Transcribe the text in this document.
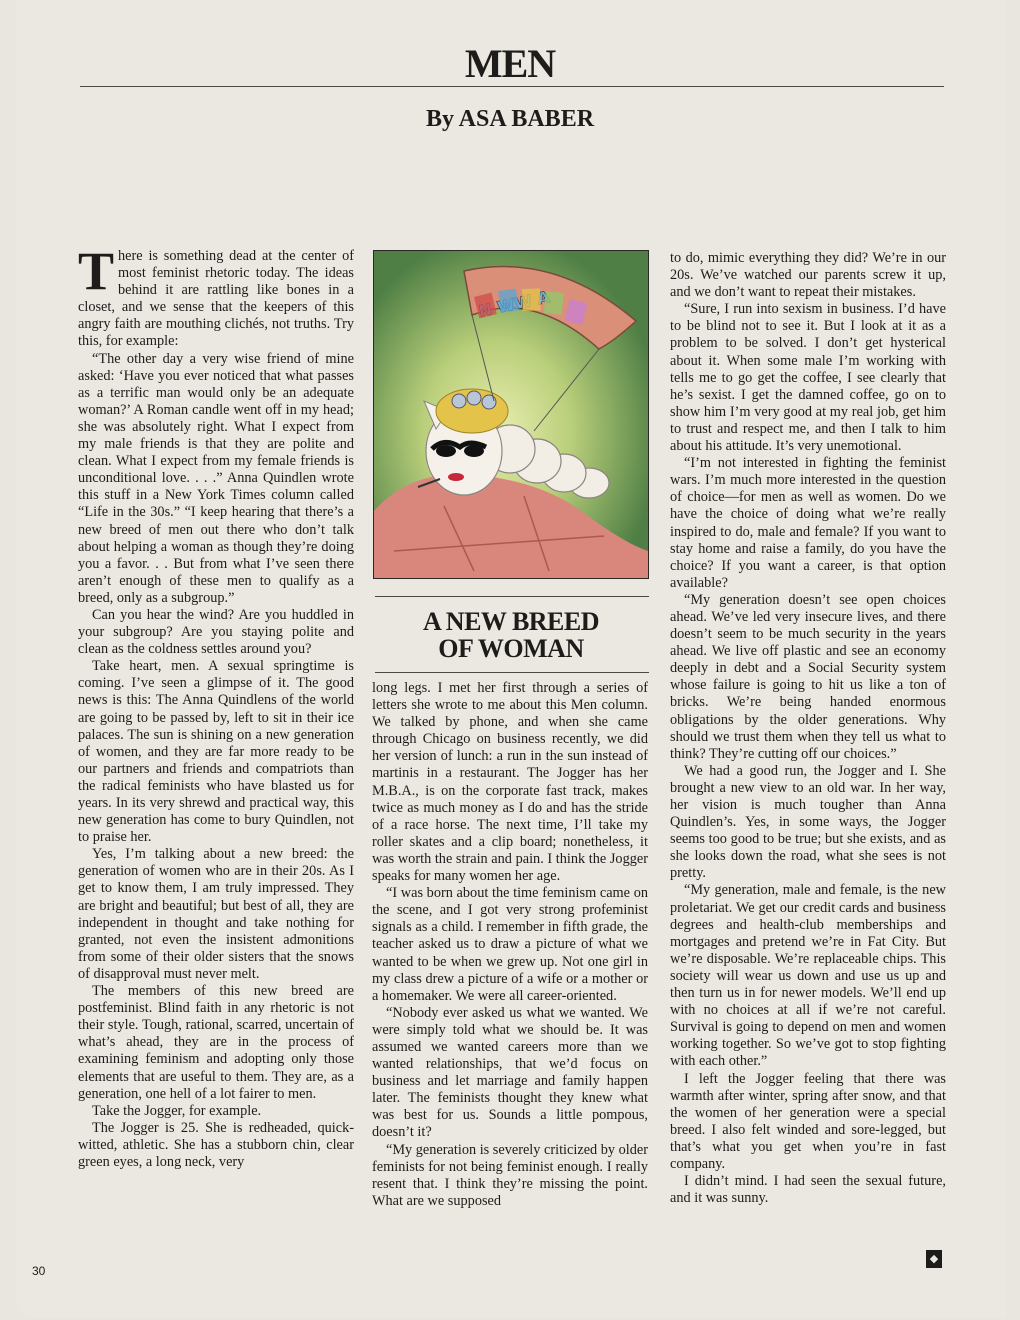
MEN
By ASA BABER

There is something dead at the center of most feminist rhetoric today. The ideas behind it are rattling like bones in a closet, and we sense that the keepers of this angry faith are mouthing clichés, not truths. Try this, for example:

“The other day a very wise friend of mine asked: ‘Have you ever noticed that what passes as a terrific man would only be an adequate woman?’ A Roman candle went off in my head; she was absolutely right. What I expect from my male friends is that they are polite and clean. What I expect from my female friends is unconditional love. . . .” Anna Quindlen wrote this stuff in a New York Times column called “Life in the 30s.” “I keep hearing that there’s a new breed of men out there who don’t talk about helping a woman as though they’re doing you a favor. . . But from what I’ve seen there aren’t enough of these men to qualify as a breed, only as a subgroup.”

Can you hear the wind? Are you huddled in your subgroup? Are you staying polite and clean as the coldness settles around you?

Take heart, men. A sexual springtime is coming. I’ve seen a glimpse of it. The good news is this: The Anna Quindlens of the world are going to be passed by, left to sit in their ice palaces. The sun is shining on a new generation of women, and they are far more ready to be our partners and friends and compatriots than the radical feminists who have blasted us for years. In its very shrewd and practical way, this new generation has come to bury Quindlen, not to praise her.

Yes, I’m talking about a new breed: the generation of women who are in their 20s. As I get to know them, I am truly impressed. They are bright and beautiful; but best of all, they are independent in thought and take nothing for granted, not even the insistent admonitions from some of their older sisters that the snows of disapproval must never melt.

The members of this new breed are postfeminist. Blind faith in any rhetoric is not their style. Tough, rational, scarred, uncertain of what’s ahead, they are in the process of examining feminism and adopting only those elements that are useful to them. They are, as a generation, one hell of a lot fairer to men.

Take the Jogger, for example.

The Jogger is 25. She is redheaded, quick-witted, athletic. She has a stubborn chin, clear green eyes, a long neck, very

A
A NEW BREED
OF WOMAN

long legs. I met her first through a series of letters she wrote to me about this Men column. We talked by phone, and when she came through Chicago on business recently, we did her version of lunch: a run in the sun instead of martinis in a restaurant. The Jogger has her M.B.A., is on the corporate fast track, makes twice as much money as I do and has the stride of a race horse. The next time, I’ll take my roller skates and a clip board; nonetheless, it was worth the strain and pain. I think the Jogger speaks for many women her age.

“I was born about the time feminism came on the scene, and I got very strong profeminist signals as a child. I remember in fifth grade, the teacher asked us to draw a picture of what we wanted to be when we grew up. Not one girl in my class drew a picture of a wife or a mother or a homemaker. We were all career-oriented.

“Nobody ever asked us what we wanted. We were simply told what we should be. It was assumed we wanted careers more than we wanted relationships, that we’d focus on business and let marriage and family happen later. The feminists thought they knew what was best for us. Sounds a little pompous, doesn’t it?

“My generation is severely criticized by older feminists for not being feminist enough. I really resent that. I think they’re missing the point. What are we supposed

to do, mimic everything they did? We’re in our 20s. We’ve watched our parents screw it up, and we don’t want to repeat their mistakes.

“Sure, I run into sexism in business. I’d have to be blind not to see it. But I look at it as a problem to be solved. I don’t get hysterical about it. When some male I’m working with tells me to go get the coffee, I see clearly that he’s sexist. I get the damned coffee, go on to show him I’m very good at my real job, get him to trust and respect me, and then I talk to him about his attitude. It’s very unemotional.

“I’m not interested in fighting the feminist wars. I’m much more interested in the question of choice—for men as well as women. Do we have the choice of doing what we’re really inspired to do, male and female? If you want to stay home and raise a family, do you have the choice? If you want a career, is that option available?

“My generation doesn’t see open choices ahead. We’ve led very insecure lives, and there doesn’t seem to be much security in the years ahead. We live off plastic and see an economy deeply in debt and a Social Security system whose failure is going to hit us like a ton of bricks. We’re being handed enormous obligations by the older generations. Why should we trust them when they tell us what to think? They’re cutting off our choices.”

We had a good run, the Jogger and I. She brought a new view to an old war. In her way, her vision is much tougher than Anna Quindlen’s. Yes, in some ways, the Jogger seems too good to be true; but she exists, and as she looks down the road, what she sees is not pretty.

“My generation, male and female, is the new proletariat. We get our credit cards and business degrees and health-club memberships and mortgages and pretend we’re in Fat City. But we’re disposable. We’re replaceable chips. This society will wear us down and use us up and then turn us in for newer models. We’ll end up with no choices at all if we’re not careful. Survival is going to depend on men and women working together. So we’ve got to stop fighting with each other.”

I left the Jogger feeling that there was warmth after winter, spring after snow, and that the women of her generation were a special breed. I also felt winded and sore-legged, but that’s what you get when you’re in fast company.

I didn’t mind. I had seen the sexual future, and it was sunny.

30
◆
